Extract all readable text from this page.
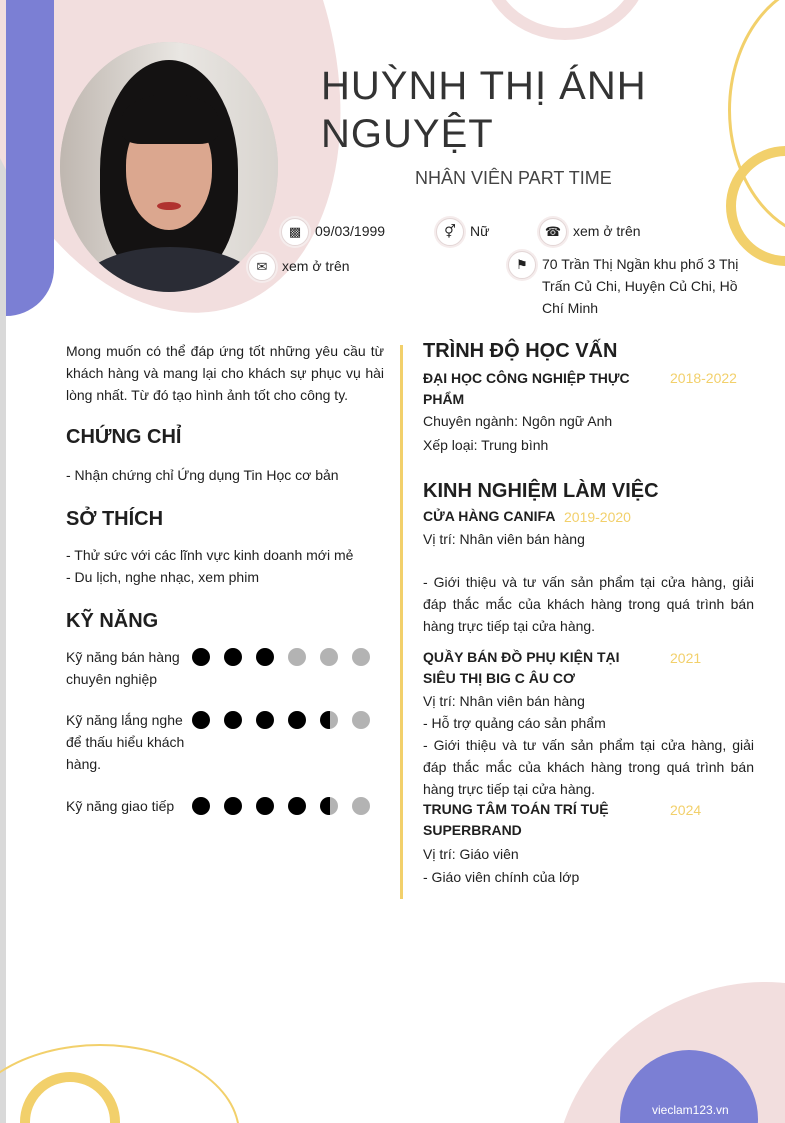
vieclam123.vn
HUỲNH THỊ ÁNH NGUYỆT
NHÂN VIÊN PART TIME
▩ 09/03/1999	⚥	Nữ	☎ xem ở trên
✉	xem ở trên	⚑	70 Trần Thị Ngần khu phố 3 Thị Trấn Củ Chi, Huyện Củ Chi, Hồ Chí Minh

Mong muốn có thể đáp ứng tốt những yêu cầu từ khách hàng và mang lại cho khách sự phục vụ hài lòng nhất. Từ đó tạo hình ảnh tốt cho công ty.

CHỨNG CHỈ

- Nhận chứng chỉ Ứng dụng Tin Học cơ bản

SỞ THÍCH

- Thử sức với các lĩnh vực kinh doanh mới mẻ

- Du lịch, nghe nhạc, xem phim

KỸ NĂNG
Kỹ năng bán hàng chuyên nghiệp
Kỹ năng lắng nghe để thấu hiểu khách hàng.
Kỹ năng giao tiếp
TRÌNH ĐỘ HỌC VẤN
ĐẠI HỌC CÔNG NGHIỆP THỰC PHẨM
2018-2022

Chuyên ngành: Ngôn ngữ Anh

Xếp loại: Trung bình

KINH NGHIỆM LÀM VIỆC
CỬA HÀNG CANIFA 2019-2020

Vị trí: Nhân viên bán hàng

- Giới thiệu và tư vấn sản phẩm tại cửa hàng, giải đáp thắc mắc của khách hàng trong quá trình bán hàng trực tiếp tại cửa hàng.

QUẦY BÁN ĐỒ PHỤ KIỆN TẠI SIÊU THỊ BIG C ÂU CƠ
2021

Vị trí: Nhân viên bán hàng

- Hỗ trợ quảng cáo sản phẩm

- Giới thiệu và tư vấn sản phẩm tại cửa hàng, giải đáp thắc mắc của khách hàng trong quá trình bán hàng trực tiếp tại cửa hàng.

TRUNG TÂM TOÁN TRÍ TUỆ SUPERBRAND
2024

Vị trí: Giáo viên

- Giáo viên chính của lớp
